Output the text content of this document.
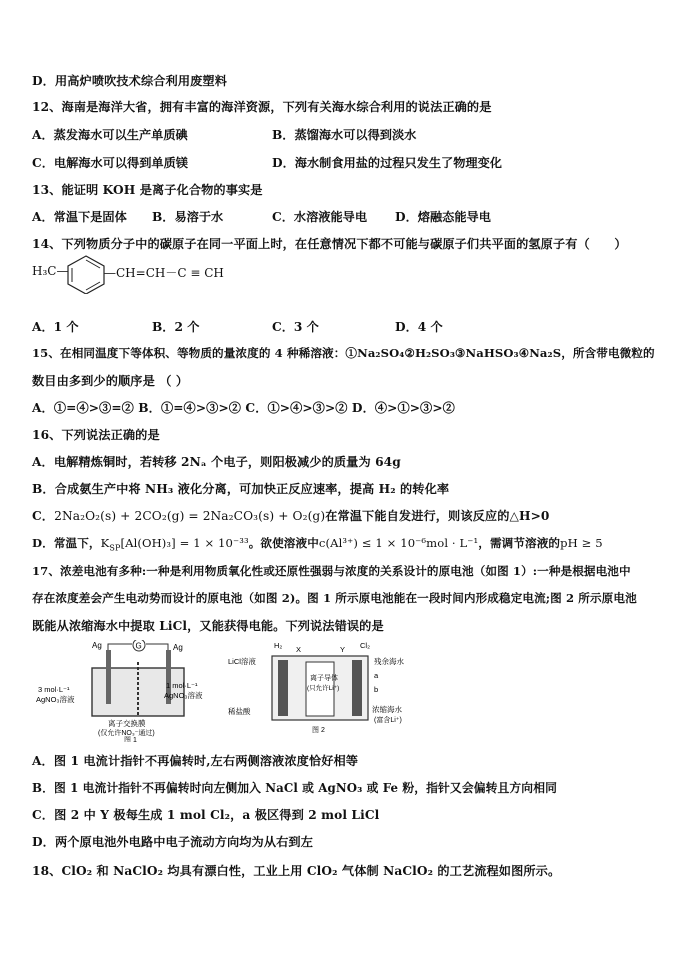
D．用高炉喷吹技术综合利用废塑料
12、海南是海洋大省，拥有丰富的海洋资源，下列有关海水综合利用的说法正确的是
A．蒸发海水可以生产单质碘	B．蒸馏海水可以得到淡水
C．电解海水可以得到单质镁	D．海水制食用盐的过程只发生了物理变化
13、能证明 KOH 是离子化合物的事实是
A．常温下是固体 B．易溶于水	C．水溶液能导电 D．熔融态能导电
14、下列物质分子中的碳原子在同一平面上时，在任意情况下都不可能与碳原子们共平面的氢原子有（　　）
H₃C—	—CH=CH－C ≡ CH
A．1 个	B．2 个	C．3 个	D．4 个
15、在相同温度下等体积、等物质的量浓度的 4 种稀溶液：①Na₂SO₄②H₂SO₃③NaHSO₃④Na₂S，所含带电微粒的
数目由多到少的顺序是 （ ）
A．①=④>③=② B．①=④>③>② C．①>④>③>② D．④>①>③>②
16、下列说法正确的是
A．电解精炼铜时，若转移 2Nₐ 个电子，则阳极减少的质量为 64g
B．合成氨生产中将 NH₃ 液化分离，可加快正反应速率，提高 H₂ 的转化率
C．2Na₂O₂(s) + 2CO₂(g) = 2Na₂CO₃(s) + O₂(g)在常温下能自发进行，则该反应的△H>0
D．常温下，$K_{SP}[Al(OH)_3] = 1 \times 10^{-33}$。欲使溶液中c(Al³⁺) ≤ 1 × 10⁻⁶mol · L⁻¹，需调节溶液的pH ≥ 5
17、浓差电池有多种:一种是利用物质氧化性或还原性强弱与浓度的关系设计的原电池（如图 1）:一种是根据电池中
存在浓度差会产生电动势而设计的原电池（如图 2)。图 1 所示原电池能在一段时间内形成稳定电流;图 2 所示原电池
既能从浓缩海水中提取 LiCl，又能获得电能。下列说法错误的是
G
Ag	Ag
3 mol·L⁻¹
AgNO₃溶液
1 mol·L⁻¹
AgNO₃溶液
离子交换膜
(仅允许NO₃⁻通过)
图 1
H₂ X	Y Cl₂
LiCl溶液
离子导体
(只允许Li⁺)
残余海水
a
b
稀盐酸	浓缩海水
(富含Li⁺)
图 2
A．图 1 电流计指针不再偏转时,左右两侧溶液浓度恰好相等
B．图 1 电流计指针不再偏转时向左侧加入 NaCl 或 AgNO₃ 或 Fe 粉，指针又会偏转且方向相同
C．图 2 中 Y 极每生成 1 mol Cl₂，a 极区得到 2 mol LiCl
D．两个原电池外电路中电子流动方向均为从右到左
18、ClO₂ 和 NaClO₂ 均具有漂白性，工业上用 ClO₂ 气体制 NaClO₂ 的工艺流程如图所示。
